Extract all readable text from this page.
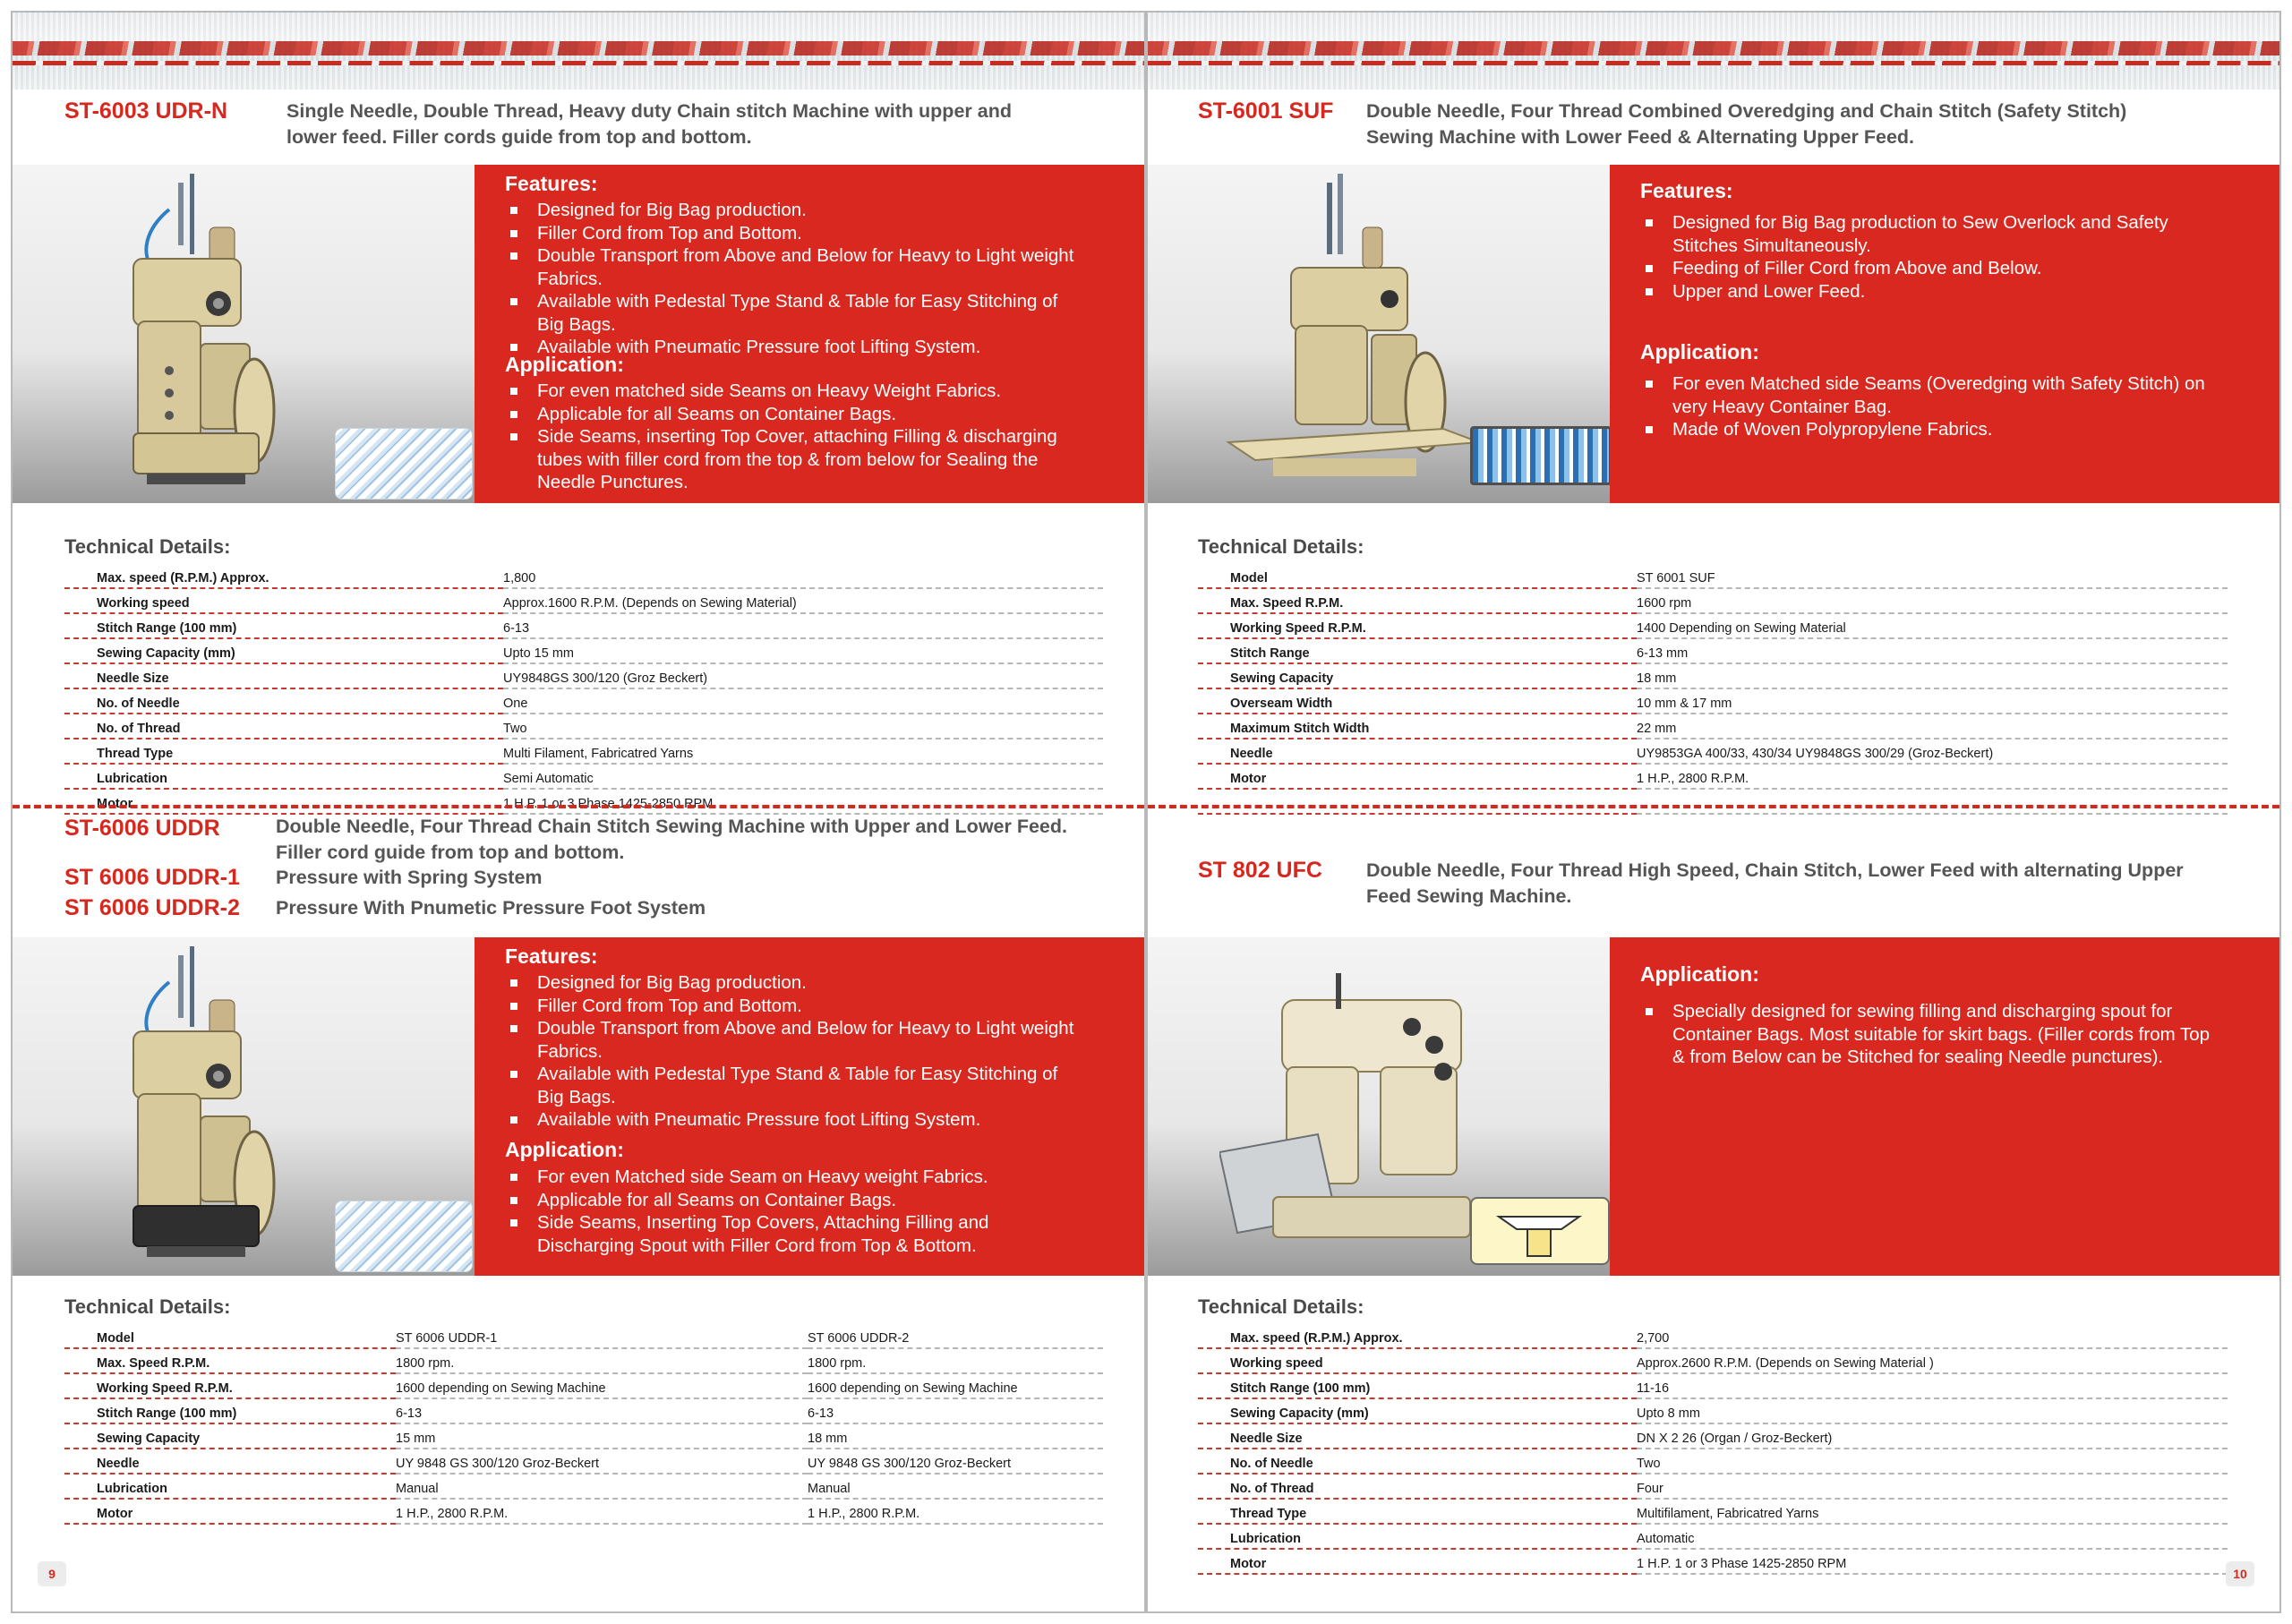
ST-6003 UDR-N	Single Needle, Double Thread, Heavy duty Chain stitch Machine with upper and
lower feed. Filler cords guide from top and bottom.
Features:
Designed for Big Bag production.
Filler Cord from Top and Bottom.
Double Transport from Above and Below for Heavy to Light weight Fabrics.
Available with Pedestal Type Stand & Table for Easy Stitching of Big Bags.
Available with Pneumatic Pressure foot Lifting System.
Application:
For even matched side Seams on Heavy Weight Fabrics.
Applicable for all Seams on Container Bags.
Side Seams, inserting Top Cover, attaching Filling & discharging tubes with filler cord from the top & from below for Sealing the Needle Punctures.
Technical Details:
Max. speed (R.P.M.) Approx.	1,800
Working speed	Approx.1600 R.P.M. (Depends on Sewing Material)
Stitch Range (100 mm)	6-13
Sewing Capacity (mm)	Upto 15 mm
Needle Size	UY9848GS 300/120 (Groz Beckert)
No. of Needle	One
No. of Thread	Two
Thread Type	Multi Filament, Fabricatred Yarns
Lubrication	Semi Automatic
Motor	1 H.P. 1 or 3 Phase 1425-2850 RPM
ST-6006 UDDR
ST 6006 UDDR-1
ST 6006 UDDR-2
Double Needle, Four Thread Chain Stitch Sewing Machine with Upper and Lower Feed.
Filler cord guide from top and bottom.
Pressure with Spring System
Pressure With Pnumetic Pressure Foot System
Features:
Designed for Big Bag production.
Filler Cord from Top and Bottom.
Double Transport from Above and Below for Heavy to Light weight Fabrics.
Available with Pedestal Type Stand & Table for Easy Stitching of Big Bags.
Available with Pneumatic Pressure foot Lifting System.
Application:
For even Matched side Seam on Heavy weight Fabrics.
Applicable for all Seams on Container Bags.
Side Seams, Inserting Top Covers, Attaching Filling and Discharging Spout with Filler Cord from Top & Bottom.
Technical Details:
Model	ST 6006 UDDR-1	ST 6006 UDDR-2
Max. Speed R.P.M.	1800 rpm.	1800 rpm.
Working Speed R.P.M.	1600 depending on Sewing Machine	1600 depending on Sewing Machine
Stitch Range (100 mm)	6-13	6-13
Sewing Capacity	15 mm	18 mm
Needle	UY 9848 GS 300/120 Groz-Beckert	UY 9848 GS 300/120 Groz-Beckert
Lubrication	Manual	Manual
Motor	1 H.P., 2800 R.P.M.	1 H.P., 2800 R.P.M.
9
ST-6001 SUF Double Needle, Four Thread Combined Overedging and Chain Stitch (Safety Stitch)
Sewing Machine with Lower Feed & Alternating Upper Feed.
Features:
Designed for Big Bag production to Sew Overlock and Safety Stitches Simultaneously.
Feeding of Filler Cord from Above and Below.
Upper and Lower Feed.
Application:
For even Matched side Seams (Overedging with Safety Stitch) on very Heavy Container Bag.
Made of Woven Polypropylene Fabrics.
Technical Details:
Model	ST 6001 SUF
Max. Speed R.P.M.	1600 rpm
Working Speed R.P.M.	1400 Depending on Sewing Material
Stitch Range	6-13 mm
Sewing Capacity	18 mm
Overseam Width	10 mm & 17 mm
Maximum Stitch Width	22 mm
Needle	UY9853GA 400/33, 430/34 UY9848GS 300/29 (Groz-Beckert)
Motor	1 H.P., 2800 R.P.M.

ST 802 UFC Double Needle, Four Thread High Speed, Chain Stitch, Lower Feed with alternating Upper
Feed Sewing Machine.
Application:
Specially designed for sewing filling and discharging spout for Container Bags. Most suitable for skirt bags. (Filler cords from Top & from Below can be Stitched for sealing Needle punctures).
Technical Details:
Max. speed (R.P.M.) Approx.	2,700
Working speed	Approx.2600 R.P.M. (Depends on Sewing Material )
Stitch Range (100 mm)	11-16
Sewing Capacity (mm)	Upto 8 mm
Needle Size	DN X 2 26 (Organ / Groz-Beckert)
No. of Needle	Two
No. of Thread	Four
Thread Type	Multifilament, Fabricatred Yarns
Lubrication	Automatic
Motor	1 H.P. 1 or 3 Phase 1425-2850 RPM
10
